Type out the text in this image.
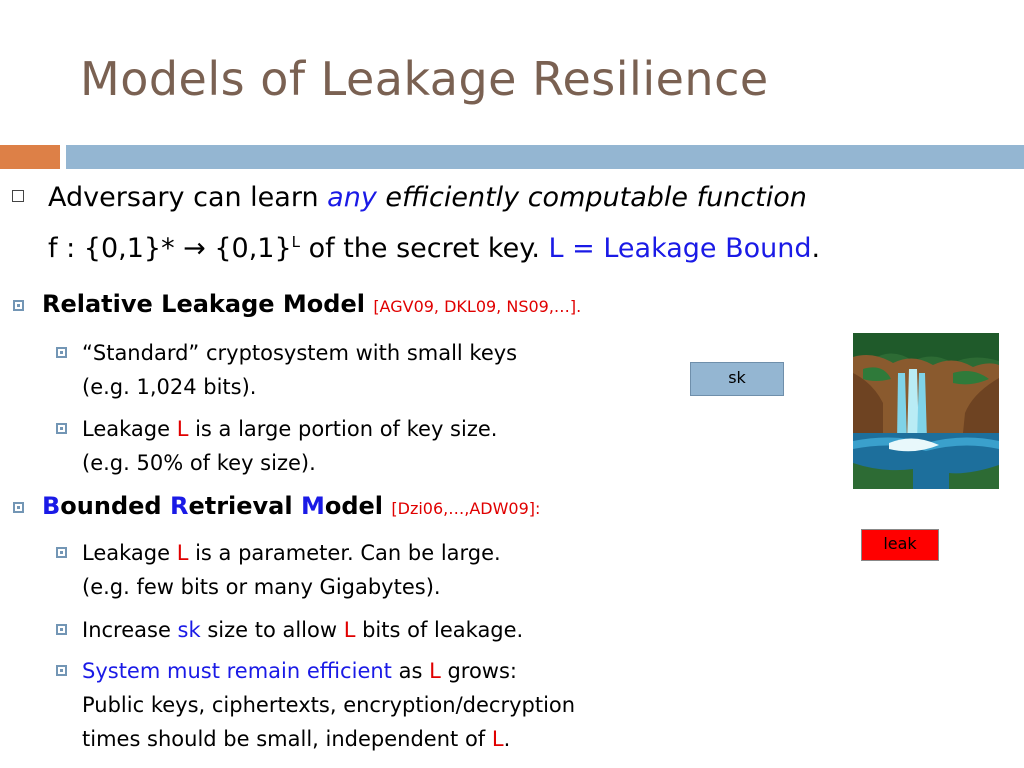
Models of Leakage Resilience
Adversary can learn any efficiently computable function
f : $\{0,1\}* \to \{0,1\}^L$ of the secret key. L = Leakage Bound.
Relative Leakage Model [AGV09, DKL09, NS09,…].
“Standard” cryptosystem with small keys
(e.g. 1,024 bits).
Leakage L is a large portion of key size.
(e.g. 50% of key size).
Bounded Retrieval Model [Dzi06,…,ADW09]:
Leakage L is a parameter. Can be large.
(e.g. few bits or many Gigabytes).
Increase sk size to allow L bits of leakage.
System must remain efficient as L grows:
Public keys, ciphertexts, encryption/decryption
times should be small, independent of L.
sk
leak
